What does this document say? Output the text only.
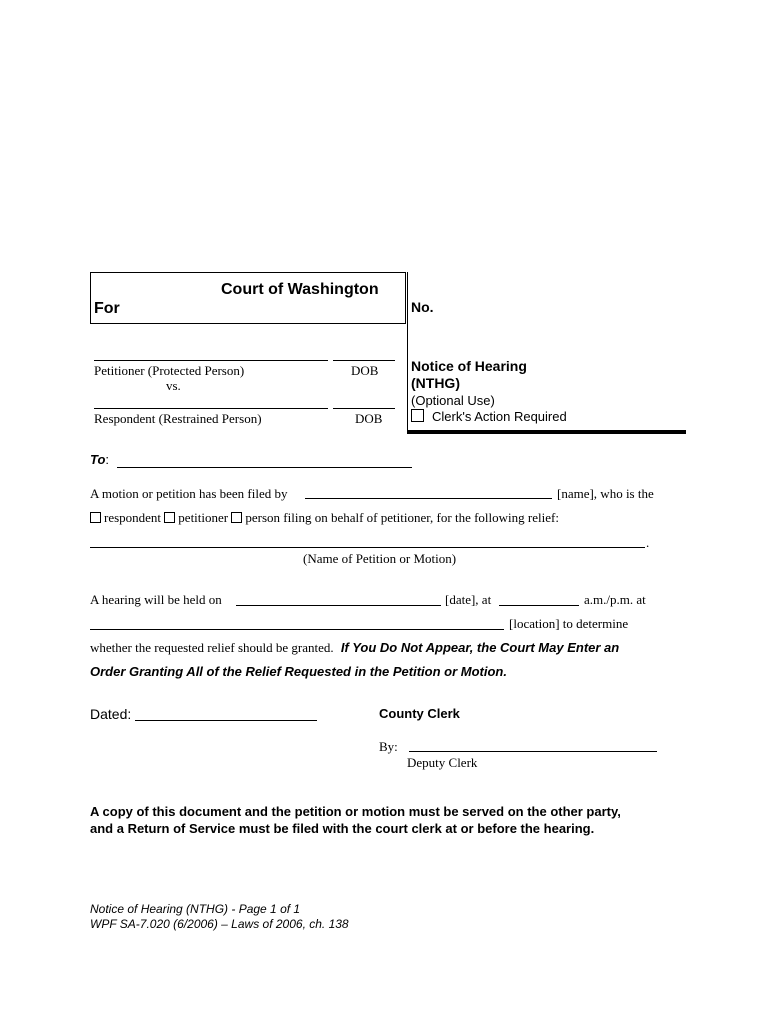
Court of Washington
For	No.
Petitioner (Protected Person)	DOB
vs.
Respondent (Restrained Person)	DOB
Notice of Hearing
(NTHG)
(Optional Use)
Clerk's Action Required
To:
A motion or petition has been filed by	[name], who is the
respondent petitioner person filing on behalf of petitioner, for the following relief:
.
(Name of Petition or Motion)
A hearing will be held on	[date], at	a.m./p.m. at
[location] to determine
whether the requested relief should be granted. If You Do Not Appear, the Court May Enter an
Order Granting All of the Relief Requested in the Petition or Motion.
Dated:	County Clerk
By:
Deputy Clerk
A copy of this document and the petition or motion must be served on the other party,
and a Return of Service must be filed with the court clerk at or before the hearing.
Notice of Hearing (NTHG) - Page 1 of 1
WPF SA-7.020 (6/2006) – Laws of 2006, ch. 138
